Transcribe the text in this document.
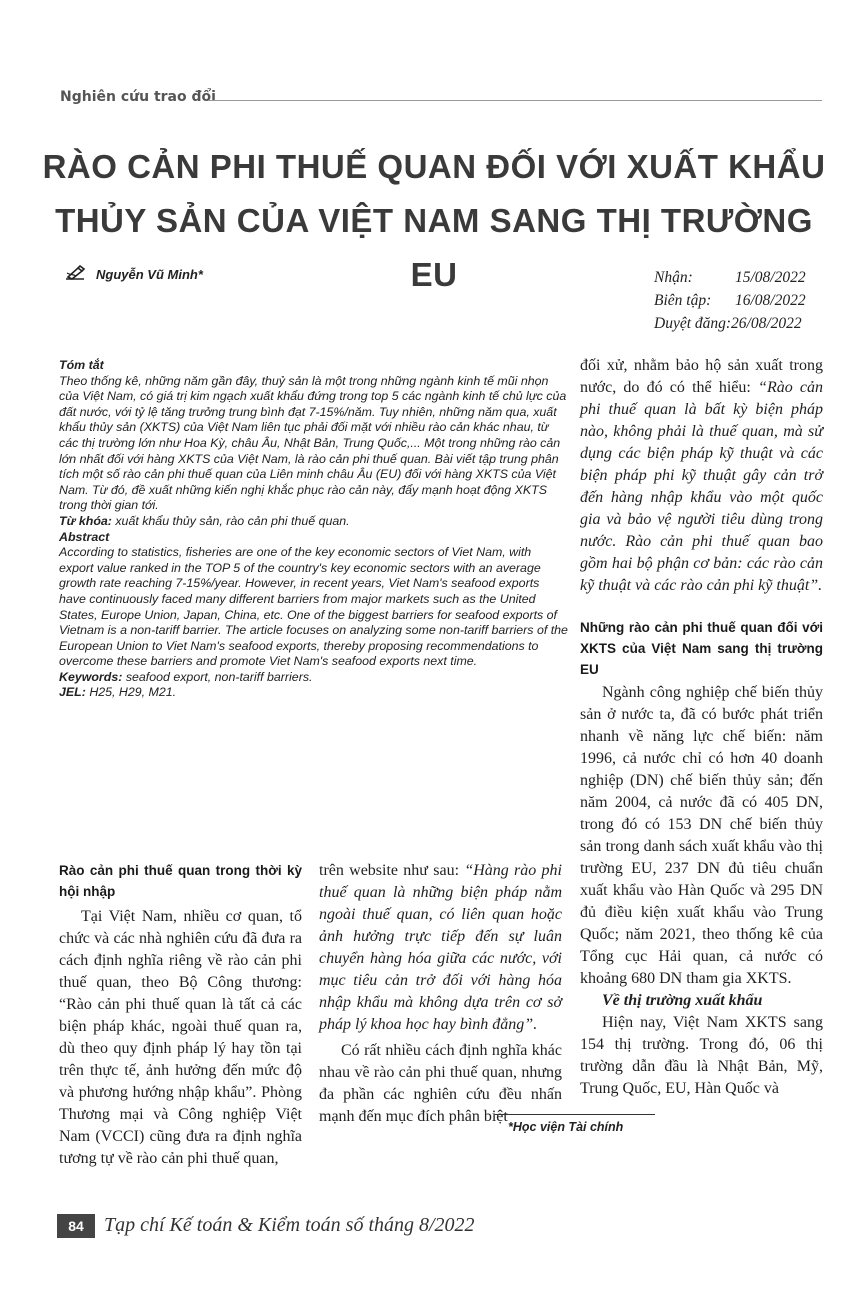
Nghiên cứu trao đổi
RÀO CẢN PHI THUẾ QUAN ĐỐI VỚI XUẤT KHẨU
THỦY SẢN CỦA VIỆT NAM SANG THỊ TRƯỜNG EU
Nguyễn Vũ Minh*	Nhận:	15/08/2022
Biên tập: 16/08/2022
Duyệt đăng:26/08/2022

Tóm tắt

Theo thống kê, những năm gần đây, thuỷ sản là một trong những ngành kinh tế mũi nhọn của Việt Nam, có giá trị kim ngạch xuất khẩu đứng trong top 5 các ngành kinh tế chủ lực của đất nước, với tỷ lệ tăng trưởng trung bình đạt 7-15%/năm. Tuy nhiên, những năm qua, xuất khẩu thủy sản (XKTS) của Việt Nam liên tục phải đối mặt với nhiều rào cản khác nhau, từ các thị trường lớn như Hoa Kỳ, châu Âu, Nhật Bản, Trung Quốc,... Một trong những rào cản lớn nhất đối với hàng XKTS của Việt Nam, là rào cản phi thuế quan. Bài viết tập trung phân tích một số rào cản phi thuế quan của Liên minh châu Âu (EU) đối với hàng XKTS của Việt Nam. Từ đó, đề xuất những kiến nghị khắc phục rào cản này, đẩy mạnh hoạt động XKTS trong thời gian tới.

Từ khóa: xuất khẩu thủy sản, rào cản phi thuế quan.

Abstract

According to statistics, fisheries are one of the key economic sectors of Viet Nam, with export value ranked in the TOP 5 of the country's key economic sectors with an average growth rate reaching 7-15%/year. However, in recent years, Viet Nam's seafood exports have continuously faced many different barriers from major markets such as the United States, Europe Union, Japan, China, etc. One of the biggest barriers for seafood exports of Vietnam is a non-tariff barrier. The article focuses on analyzing some non-tariff barriers of the European Union to Viet Nam's seafood exports, thereby proposing recommendations to overcome these barriers and promote Viet Nam's seafood exports next time.

Keywords: seafood export, non-tariff barriers.

JEL: H25, H29, M21.

Rào cản phi thuế quan trong thời kỳ hội nhập

Tại Việt Nam, nhiều cơ quan, tổ chức và các nhà nghiên cứu đã đưa ra cách định nghĩa riêng về rào cản phi thuế quan, theo Bộ Công thương: “Rào cản phi thuế quan là tất cả các biện pháp khác, ngoài thuế quan ra, dù theo quy định pháp lý hay tồn tại trên thực tế, ảnh hưởng đến mức độ và phương hướng nhập khẩu”. Phòng Thương mại và Công nghiệp Việt Nam (VCCI) cũng đưa ra định nghĩa tương tự về rào cản phi thuế quan,

trên website như sau: “Hàng rào phi thuế quan là những biện pháp nằm ngoài thuế quan, có liên quan hoặc ảnh hưởng trực tiếp đến sự luân chuyển hàng hóa giữa các nước, với mục tiêu cản trở đối với hàng hóa nhập khẩu mà không dựa trên cơ sở pháp lý khoa học hay bình đẳng”.

Có rất nhiều cách định nghĩa khác nhau về rào cản phi thuế quan, nhưng đa phần các nghiên cứu đều nhấn mạnh đến mục đích phân biệt

đối xử, nhằm bảo hộ sản xuất trong nước, do đó có thể hiểu: “Rào cản phi thuế quan là bất kỳ biện pháp nào, không phải là thuế quan, mà sử dụng các biện pháp kỹ thuật và các biện pháp phi kỹ thuật gây cản trở đến hàng nhập khẩu vào một quốc gia và bảo vệ người tiêu dùng trong nước. Rào cản phi thuế quan bao gồm hai bộ phận cơ bản: các rào cản kỹ thuật và các rào cản phi kỹ thuật”.

Những rào cản phi thuế quan đối với XKTS của Việt Nam sang thị trường EU

Ngành công nghiệp chế biến thủy sản ở nước ta, đã có bước phát triển nhanh về năng lực chế biến: năm 1996, cả nước chỉ có hơn 40 doanh nghiệp (DN) chế biến thủy sản; đến năm 2004, cả nước đã có 405 DN, trong đó có 153 DN chế biến thủy sản trong danh sách xuất khẩu vào thị trường EU, 237 DN đủ tiêu chuẩn xuất khẩu vào Hàn Quốc và 295 DN đủ điều kiện xuất khẩu vào Trung Quốc; năm 2021, theo thống kê của Tổng cục Hải quan, cả nước có khoảng 680 DN tham gia XKTS.

Về thị trường xuất khẩu

Hiện nay, Việt Nam XKTS sang 154 thị trường. Trong đó, 06 thị trường dẫn đầu là Nhật Bản, Mỹ, Trung Quốc, EU, Hàn Quốc và

*Học viện Tài chính
84	Tạp chí Kế toán & Kiểm toán số tháng 8/2022
